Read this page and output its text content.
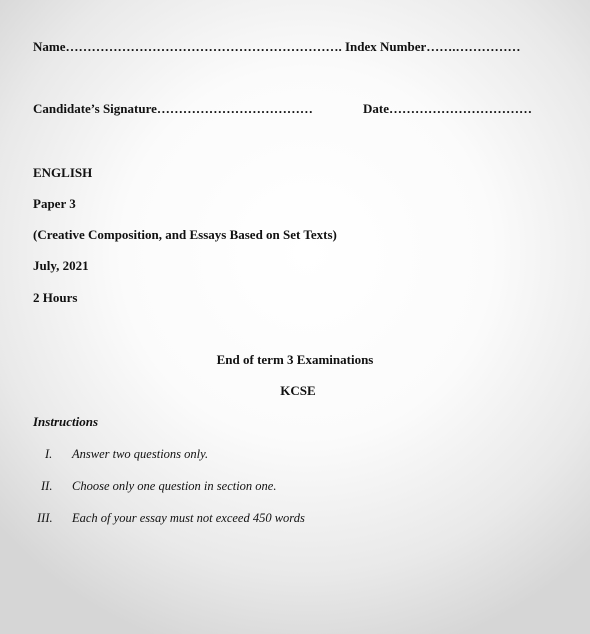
Name………………………………………………………. Index Number…….……………
Candidate’s Signature………………………………	Date……………………………
ENGLISH
Paper 3
(Creative Composition, and Essays Based on Set Texts)
July, 2021
2 Hours
End of term 3 Examinations
KCSE
Instructions
I. Answer two questions only.
II. Choose only one question in section one.
III. Each of your essay must not exceed 450 words
